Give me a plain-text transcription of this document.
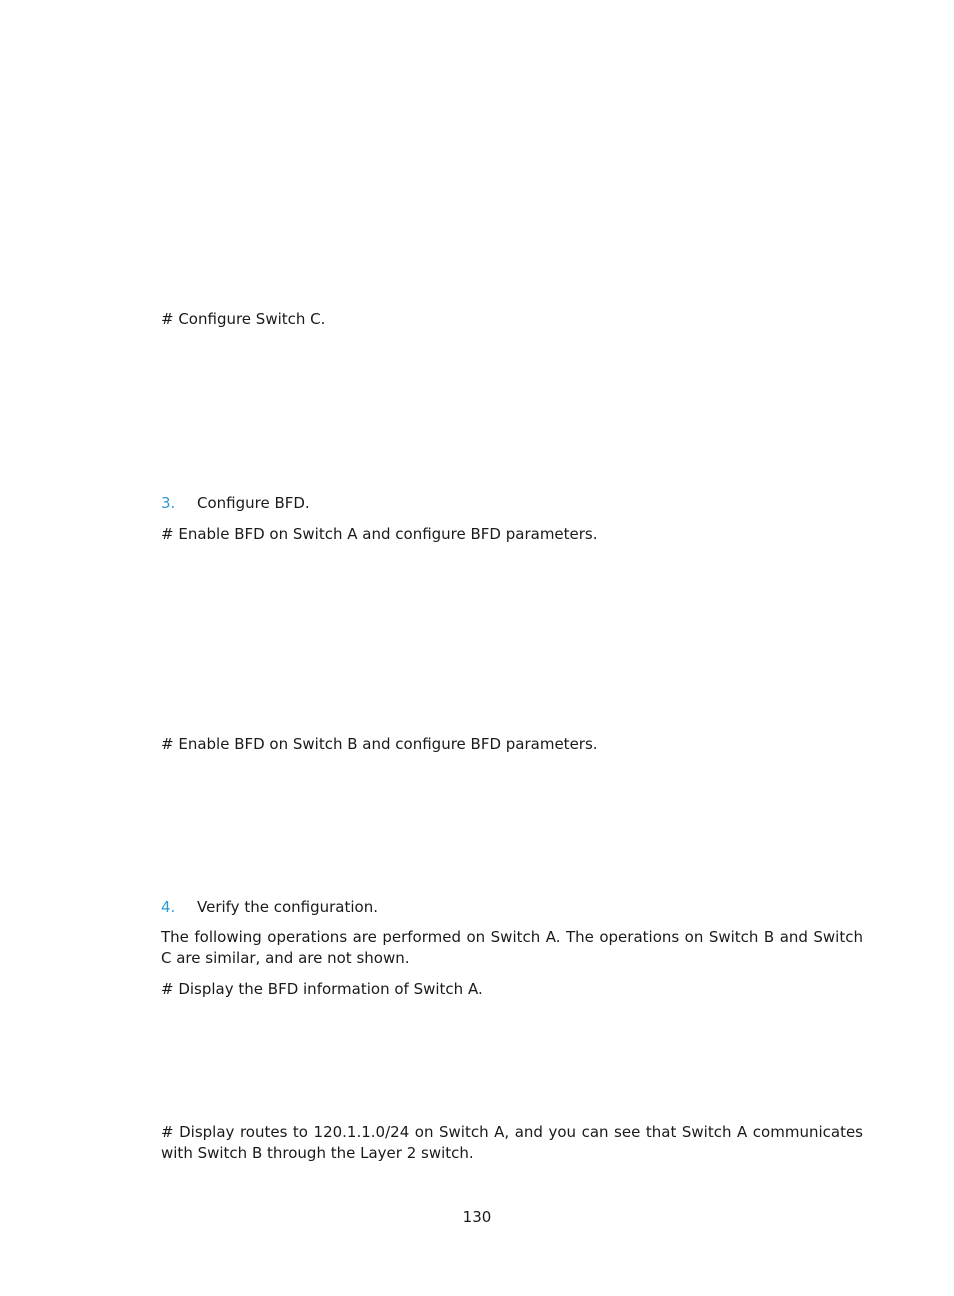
# Configure Switch C.
3. Configure BFD.
# Enable BFD on Switch A and configure BFD parameters.
# Enable BFD on Switch B and configure BFD parameters.
4. Verify the configuration.
The following operations are performed on Switch A. The operations on Switch B and Switch C are similar, and are not shown.
# Display the BFD information of Switch A.
# Display routes to 120.1.1.0/24 on Switch A, and you can see that Switch A communicates with Switch B through the Layer 2 switch.
130
